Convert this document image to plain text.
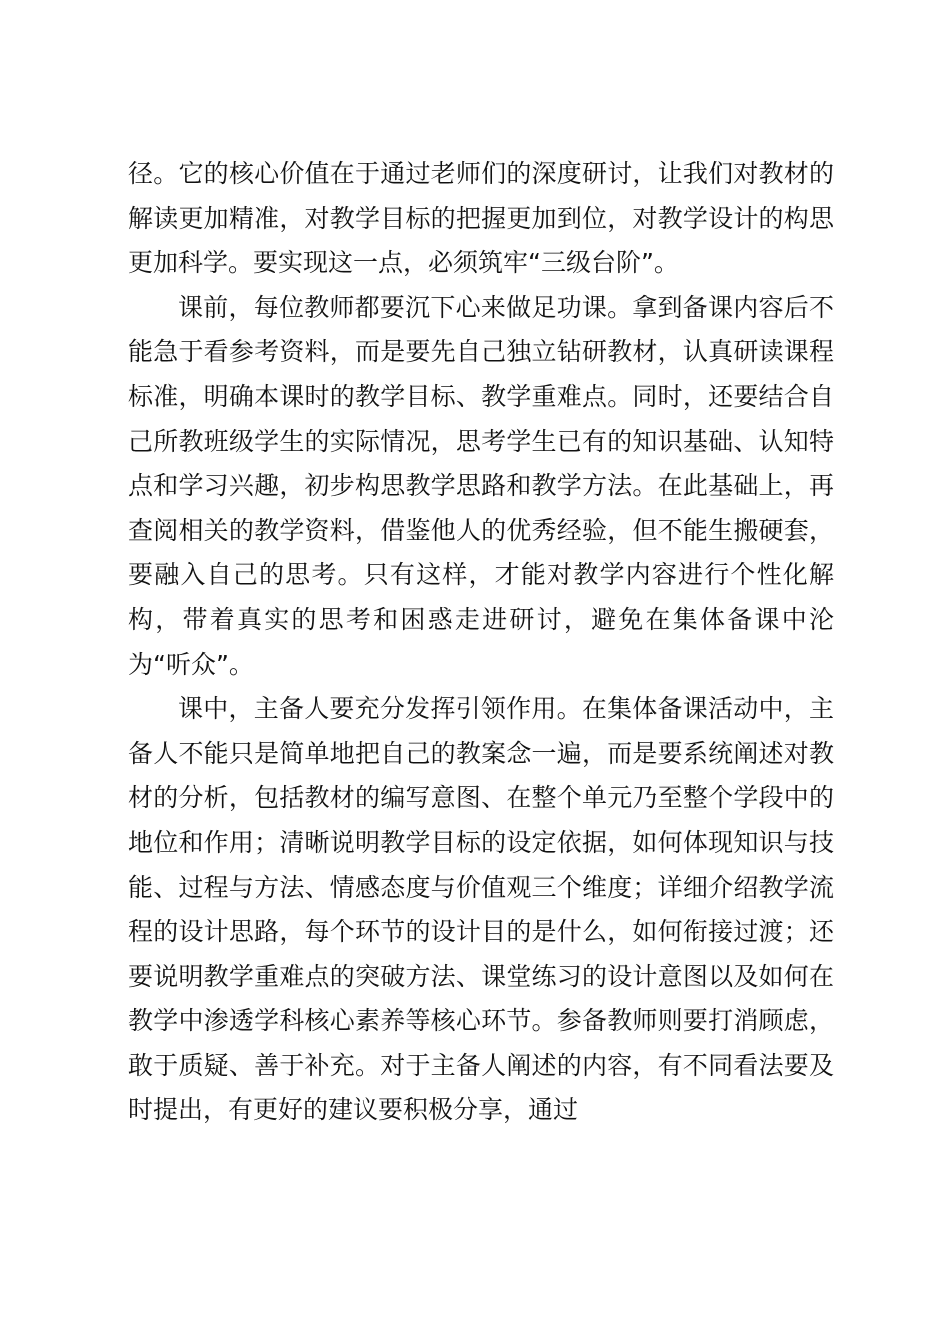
径。它的核心价值在于通过老师们的深度研讨，让我们对教材的解读更加精准，对教学目标的把握更加到位，对教学设计的构思更加科学。要实现这一点，必须筑牢“三级台阶”。

课前，每位教师都要沉下心来做足功课。拿到备课内容后不能急于看参考资料，而是要先自己独立钻研教材，认真研读课程标准，明确本课时的教学目标、教学重难点。同时，还要结合自己所教班级学生的实际情况，思考学生已有的知识基础、认知特点和学习兴趣，初步构思教学思路和教学方法。在此基础上，再查阅相关的教学资料，借鉴他人的优秀经验，但不能生搬硬套，要融入自己的思考。只有这样，才能对教学内容进行个性化解构，带着真实的思考和困惑走进研讨，避免在集体备课中沦为“听众”。

课中，主备人要充分发挥引领作用。在集体备课活动中，主备人不能只是简单地把自己的教案念一遍，而是要系统阐述对教材的分析，包括教材的编写意图、在整个单元乃至整个学段中的地位和作用；清晰说明教学目标的设定依据，如何体现知识与技能、过程与方法、情感态度与价值观三个维度；详细介绍教学流程的设计思路，每个环节的设计目的是什么，如何衔接过渡；还要说明教学重难点的突破方法、课堂练习的设计意图以及如何在教学中渗透学科核心素养等核心环节。参备教师则要打消顾虑，敢于质疑、善于补充。对于主备人阐述的内容，有不同看法要及时提出，有更好的建议要积极分享，通过
